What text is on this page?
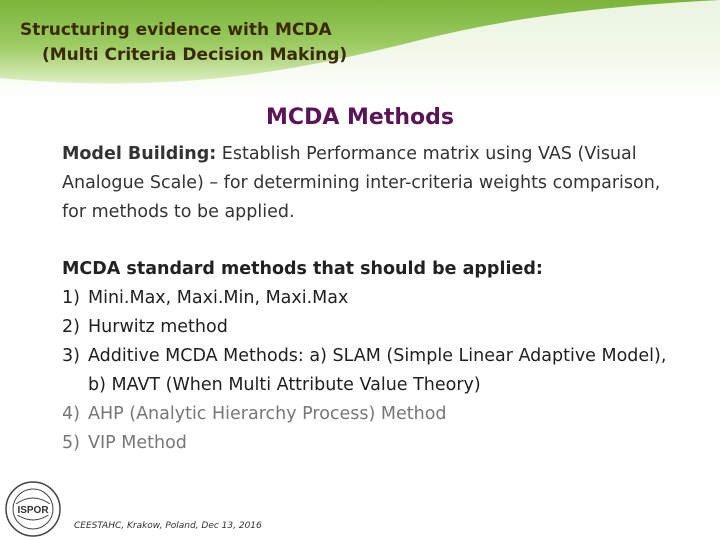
Structuring evidence with MCDA
(Multi Criteria Decision Making)
MCDA Methods
Model Building: Establish Performance matrix using VAS (Visual Analogue Scale) – for determining inter-criteria weights comparison, for methods to be applied.
MCDA standard methods that should be applied:
1) Mini.Max, Maxi.Min, Maxi.Max
2) Hurwitz method
3) Additive MCDA Methods: a) SLAM (Simple Linear Adaptive Model), b) MAVT (When Multi Attribute Value Theory)
4) AHP (Analytic Hierarchy Process) Method
5) VIP Method
ISPOR
CEESTAHC, Krakow, Poland, Dec 13, 2016
